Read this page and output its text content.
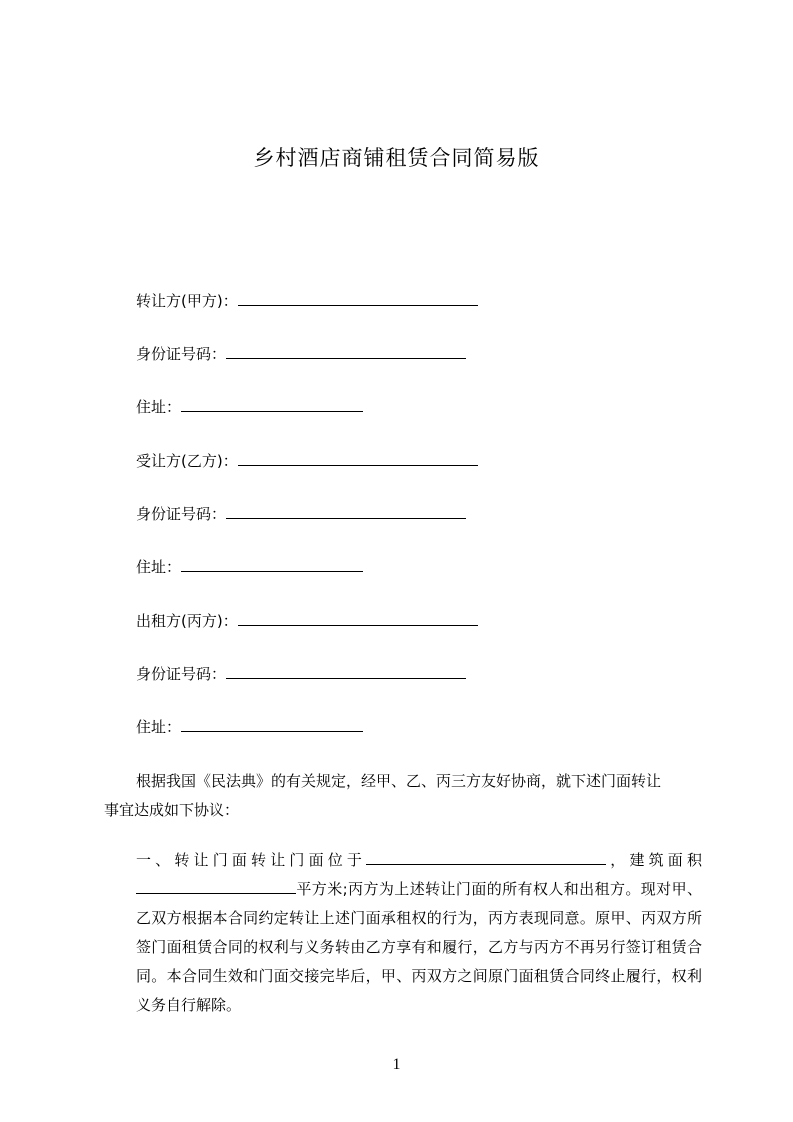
乡村酒店商铺租赁合同简易版
转让方(甲方)：
身份证号码：
住址：
受让方(乙方)：
身份证号码：
住址：
出租方(丙方)：
身份证号码：
住址：
根据我国《民法典》的有关规定，经甲、乙、丙三方友好协商，就下述门面转让
事宜达成如下协议：
一、转让门面转让门面位于	，建筑面积平方米;丙方为上述转让门面的所有权人和出租方。现对甲、乙双方根据本合同约定转让上述门面承租权的行为，丙方表现同意。原甲、丙双方所签门面租赁合同的权利与义务转由乙方享有和履行，乙方与丙方不再另行签订租赁合同。本合同生效和门面交接完毕后，甲、丙双方之间原门面租赁合同终止履行，权利义务自行解除。
1
